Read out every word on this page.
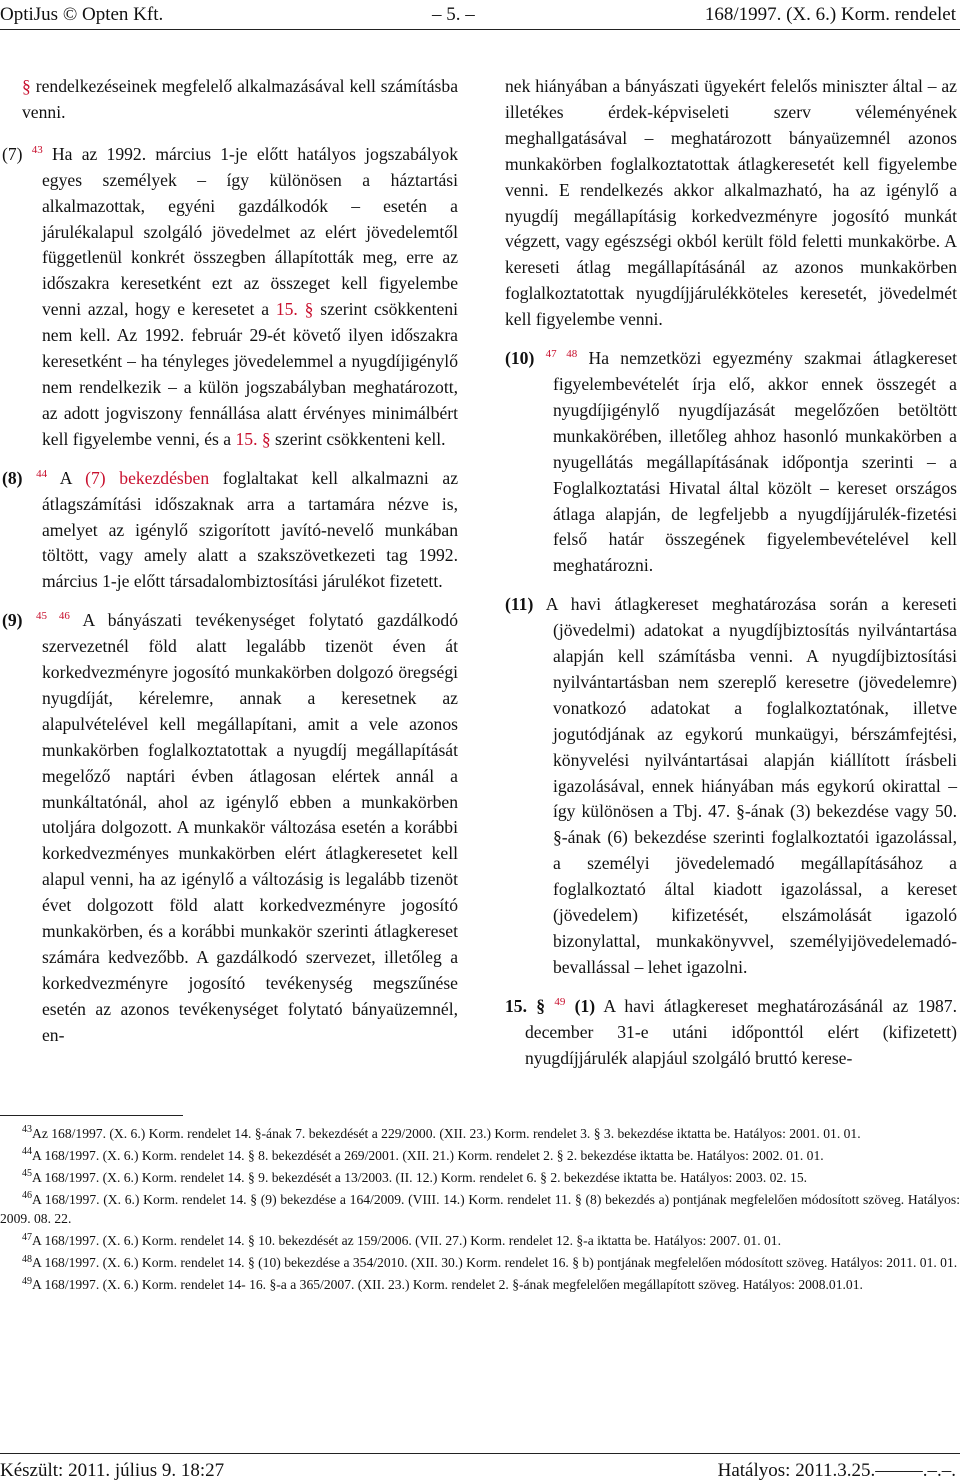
OptiJus © Opten Kft.	– 5. –	168/1997. (X. 6.) Korm. rendelet

§ rendelkezéseinek megfelelő alkalmazásával kell számításba venni.

(7) $^{43}$ Ha az 1992. március 1-je előtt hatályos jogszabályok egyes személyek – így különösen a háztartási alkalmazottak, egyéni gazdálkodók – esetén a járulékalapul szolgáló jövedelmet az elért jövedelemtől függetlenül konkrét összegben állapították meg, erre az időszakra keresetként ezt az összeget kell figyelembe venni azzal, hogy e keresetet a 15. § szerint csökkenteni nem kell. Az 1992. február 29-ét követő ilyen időszakra keresetként – ha tényleges jövedelemmel a nyugdíjigénylő nem rendelkezik – a külön jogszabályban meghatározott, az adott jogviszony fennállása alatt érvényes minimálbért kell figyelembe venni, és a 15. § szerint csökkenteni kell.

(8) $^{44}$ A (7) bekezdésben foglaltakat kell alkalmazni az átlagszámítási időszaknak arra a tartamára nézve is, amelyet az igénylő szigorított javító-nevelő munkában töltött, vagy amely alatt a szakszövetkezeti tag 1992. március 1-je előtt társadalombiztosítási járulékot fizetett.

(9) $^{45 46}$ A bányászati tevékenységet folytató gazdálkodó szervezetnél föld alatt legalább tizenöt éven át korkedvezményre jogosító munkakörben dolgozó öregségi nyugdíját, kérelemre, annak a keresetnek az alapulvételével kell megállapítani, amit a vele azonos munkakörben foglalkoztatottak a nyugdíj megállapítását megelőző naptári évben átlagosan elértek annál a munkáltatónál, ahol az igénylő ebben a munkakörben utoljára dolgozott. A munkakör változása esetén a korábbi korkedvezményes munkakörben elért átlagkeresetet kell alapul venni, ha az igénylő a változásig is legalább tizenöt évet dolgozott föld alatt korkedvezményre jogosító munkakörben, és a korábbi munkakör szerinti átlagkereset számára kedvezőbb. A gazdálkodó szervezet, illetőleg a korkedvezményre jogosító tevékenység megszűnése esetén az azonos tevékenységet folytató bányaüzemnél, en-

nek hiányában a bányászati ügyekért felelős miniszter által – az illetékes érdek-képviseleti szerv véleményének meghallgatásával – meghatározott bányaüzemnél azonos munkakörben foglalkoztatottak átlagkeresetét kell figyelembe venni. E rendelkezés akkor alkalmazható, ha az igénylő a nyugdíj megállapításig korkedvezményre jogosító munkát végzett, vagy egészségi okból került föld feletti munkakörbe. A kereseti átlag megállapításánál az azonos munkakörben foglalkoztatottak nyugdíjjárulékköteles keresetét, jövedelmét kell figyelembe venni.

(10) $^{47 48}$ Ha nemzetközi egyezmény szakmai átlagkereset figyelembevételét írja elő, akkor ennek összegét a nyugdíjigénylő nyugdíjazását megelőzően betöltött munkakörében, illetőleg ahhoz hasonló munkakörben a nyugellátás megállapításának időpontja szerinti – a Foglalkoztatási Hivatal által közölt – kereset országos átlaga alapján, de legfeljebb a nyugdíjjárulék-fizetési felső határ összegének figyelembevételével kell meghatározni.

(11) A havi átlagkereset meghatározása során a kereseti (jövedelmi) adatokat a nyugdíjbiztosítás nyilvántartása alapján kell számításba venni. A nyugdíjbiztosítási nyilvántartásban nem szereplő keresetre (jövedelemre) vonatkozó adatokat a foglalkoztatónak, illetve jogutódjának az egykorú munkaügyi, bérszámfejtési, könyvelési nyilvántartásai alapján kiállított írásbeli igazolásával, ennek hiányában más egykorú okirattal – így különösen a Tbj. 47. §-ának (3) bekezdése vagy 50. §-ának (6) bekezdése szerinti foglalkoztatói igazolással, a személyi jövedelemadó megállapításához a foglalkoztató által kiadott igazolással, a kereset (jövedelem) kifizetését, elszámolását igazoló bizonylattal, munkakönyvvel, személyijövedelemadó-bevallással – lehet igazolni.

15. § $^{49}$ (1) A havi átlagkereset meghatározásánál az 1987. december 31-e utáni időponttól elért (kifizetett) nyugdíjjárulék alapjául szolgáló bruttó kerese-

$^{43}$Az 168/1997. (X. 6.) Korm. rendelet 14. §-ának 7. bekezdését a 229/2000. (XII. 23.) Korm. rendelet 3. § 3. bekezdése iktatta be. Hatályos: 2001. 01. 01.

$^{44}$A 168/1997. (X. 6.) Korm. rendelet 14. § 8. bekezdését a 269/2001. (XII. 21.) Korm. rendelet 2. § 2. bekezdése iktatta be. Hatályos: 2002. 01. 01.

$^{45}$A 168/1997. (X. 6.) Korm. rendelet 14. § 9. bekezdését a 13/2003. (II. 12.) Korm. rendelet 6. § 2. bekezdése iktatta be. Hatályos: 2003. 02. 15.

$^{46}$A 168/1997. (X. 6.) Korm. rendelet 14. § (9) bekezdése a 164/2009. (VIII. 14.) Korm. rendelet 11. § (8) bekezdés a) pontjának megfelelően módosított szöveg. Hatályos: 2009. 08. 22.

$^{47}$A 168/1997. (X. 6.) Korm. rendelet 14. § 10. bekezdését az 159/2006. (VII. 27.) Korm. rendelet 12. §-a iktatta be. Hatályos: 2007. 01. 01.

$^{48}$A 168/1997. (X. 6.) Korm. rendelet 14. § (10) bekezdése a 354/2010. (XII. 30.) Korm. rendelet 16. § b) pontjának megfelelően módosított szöveg. Hatályos: 2011. 01. 01.

$^{49}$A 168/1997. (X. 6.) Korm. rendelet 14- 16. §-a a 365/2007. (XII. 23.) Korm. rendelet 2. §-ának megfelelően megállapított szöveg. Hatályos: 2008.01.01.

Készült: 2011. július 9. 18:27	Hatályos: 2011.3.25.–––––.–.–.
